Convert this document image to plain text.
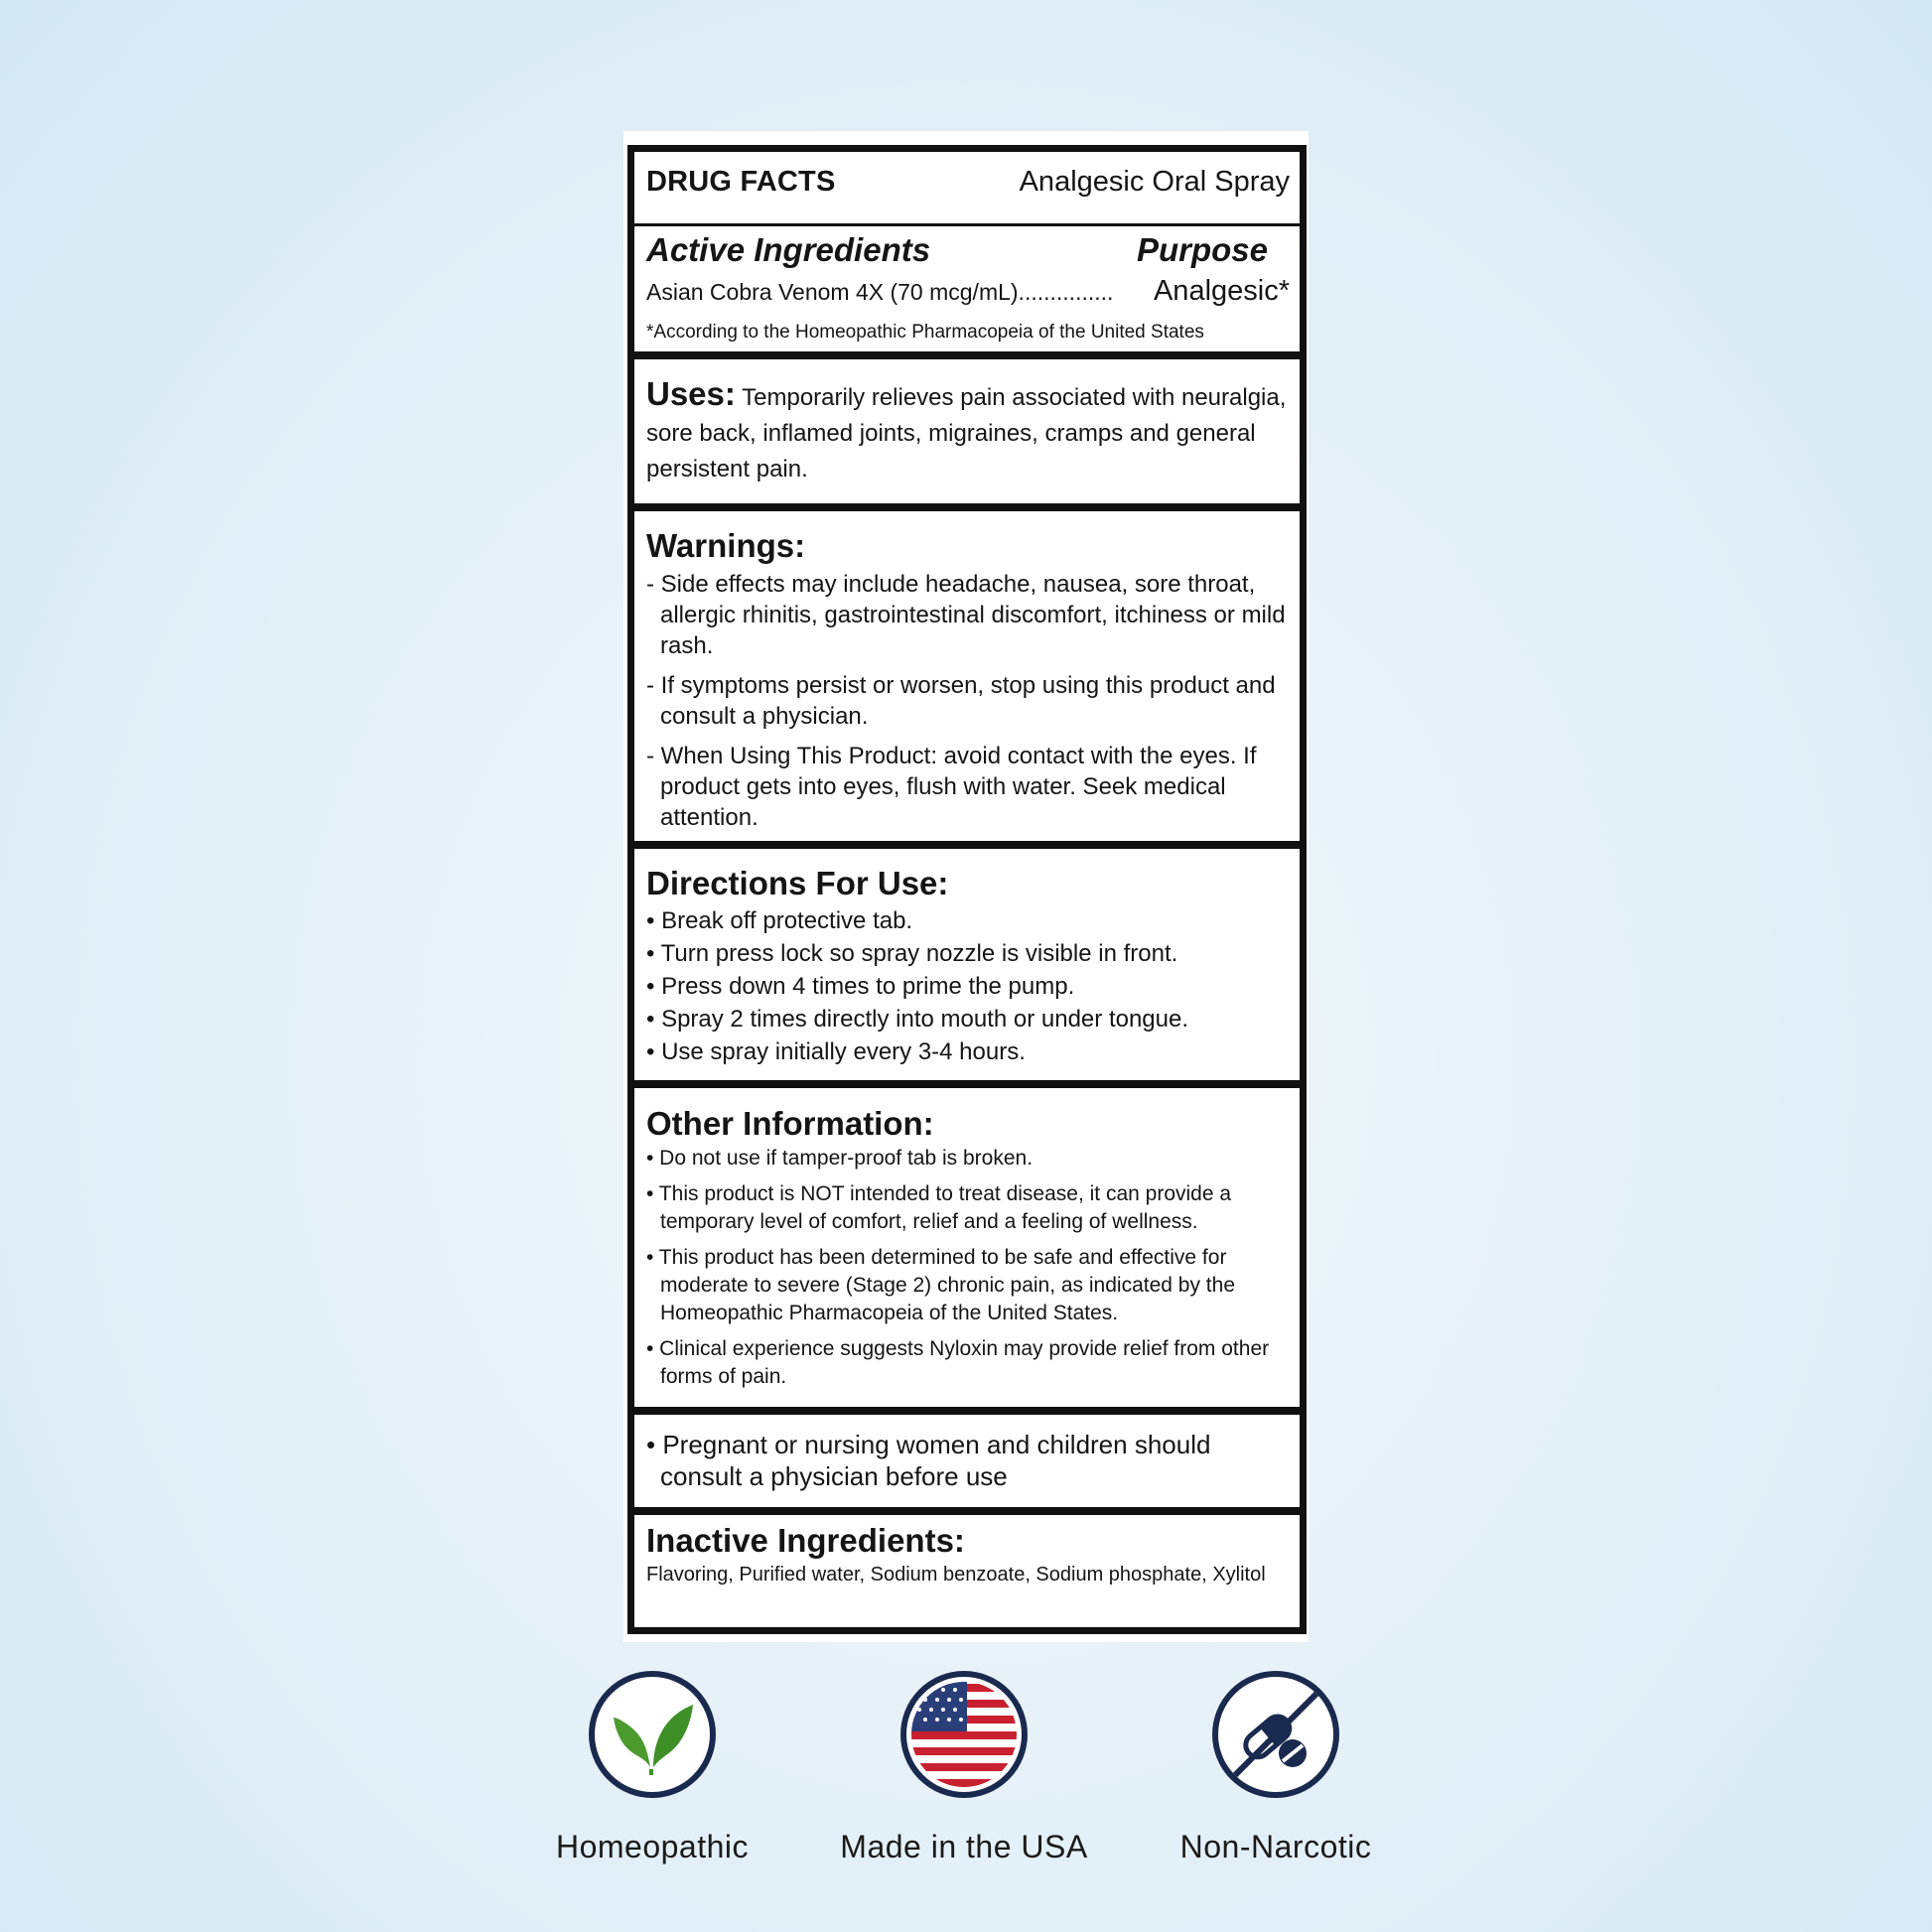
DRUG FACTS	Analgesic Oral Spray
Active Ingredients	Purpose
Asian Cobra Venom 4X (70 mcg/mL)............... Analgesic*
*According to the Homeopathic Pharmacopeia of the United States
Uses: Temporarily relieves pain associated with neuralgia, sore back, inflamed joints, migraines, cramps and general persistent pain.
Warnings:
- Side effects may include headache, nausea, sore throat, allergic rhinitis, gastrointestinal discomfort, itchiness or mild rash.
- If symptoms persist or worsen, stop using this product and consult a physician.
- When Using This Product: avoid contact with the eyes. If product gets into eyes, flush with water. Seek medical attention.
Directions For Use:
• Break off protective tab.
• Turn press lock so spray nozzle is visible in front.
• Press down 4 times to prime the pump.
• Spray 2 times directly into mouth or under tongue.
• Use spray initially every 3-4 hours.
Other Information:
• Do not use if tamper-proof tab is broken.
• This product is NOT intended to treat disease, it can provide a temporary level of comfort, relief and a feeling of wellness.
• This product has been determined to be safe and effective for moderate to severe (Stage 2) chronic pain, as indicated by the Homeopathic Pharmacopeia of the United States.
• Clinical experience suggests Nyloxin may provide relief from other forms of pain.
• Pregnant or nursing women and children should consult a physician before use
Inactive Ingredients:
Flavoring, Purified water, Sodium benzoate, Sodium phosphate, Xylitol
Homeopathic	Made in the USA	Non-Narcotic
